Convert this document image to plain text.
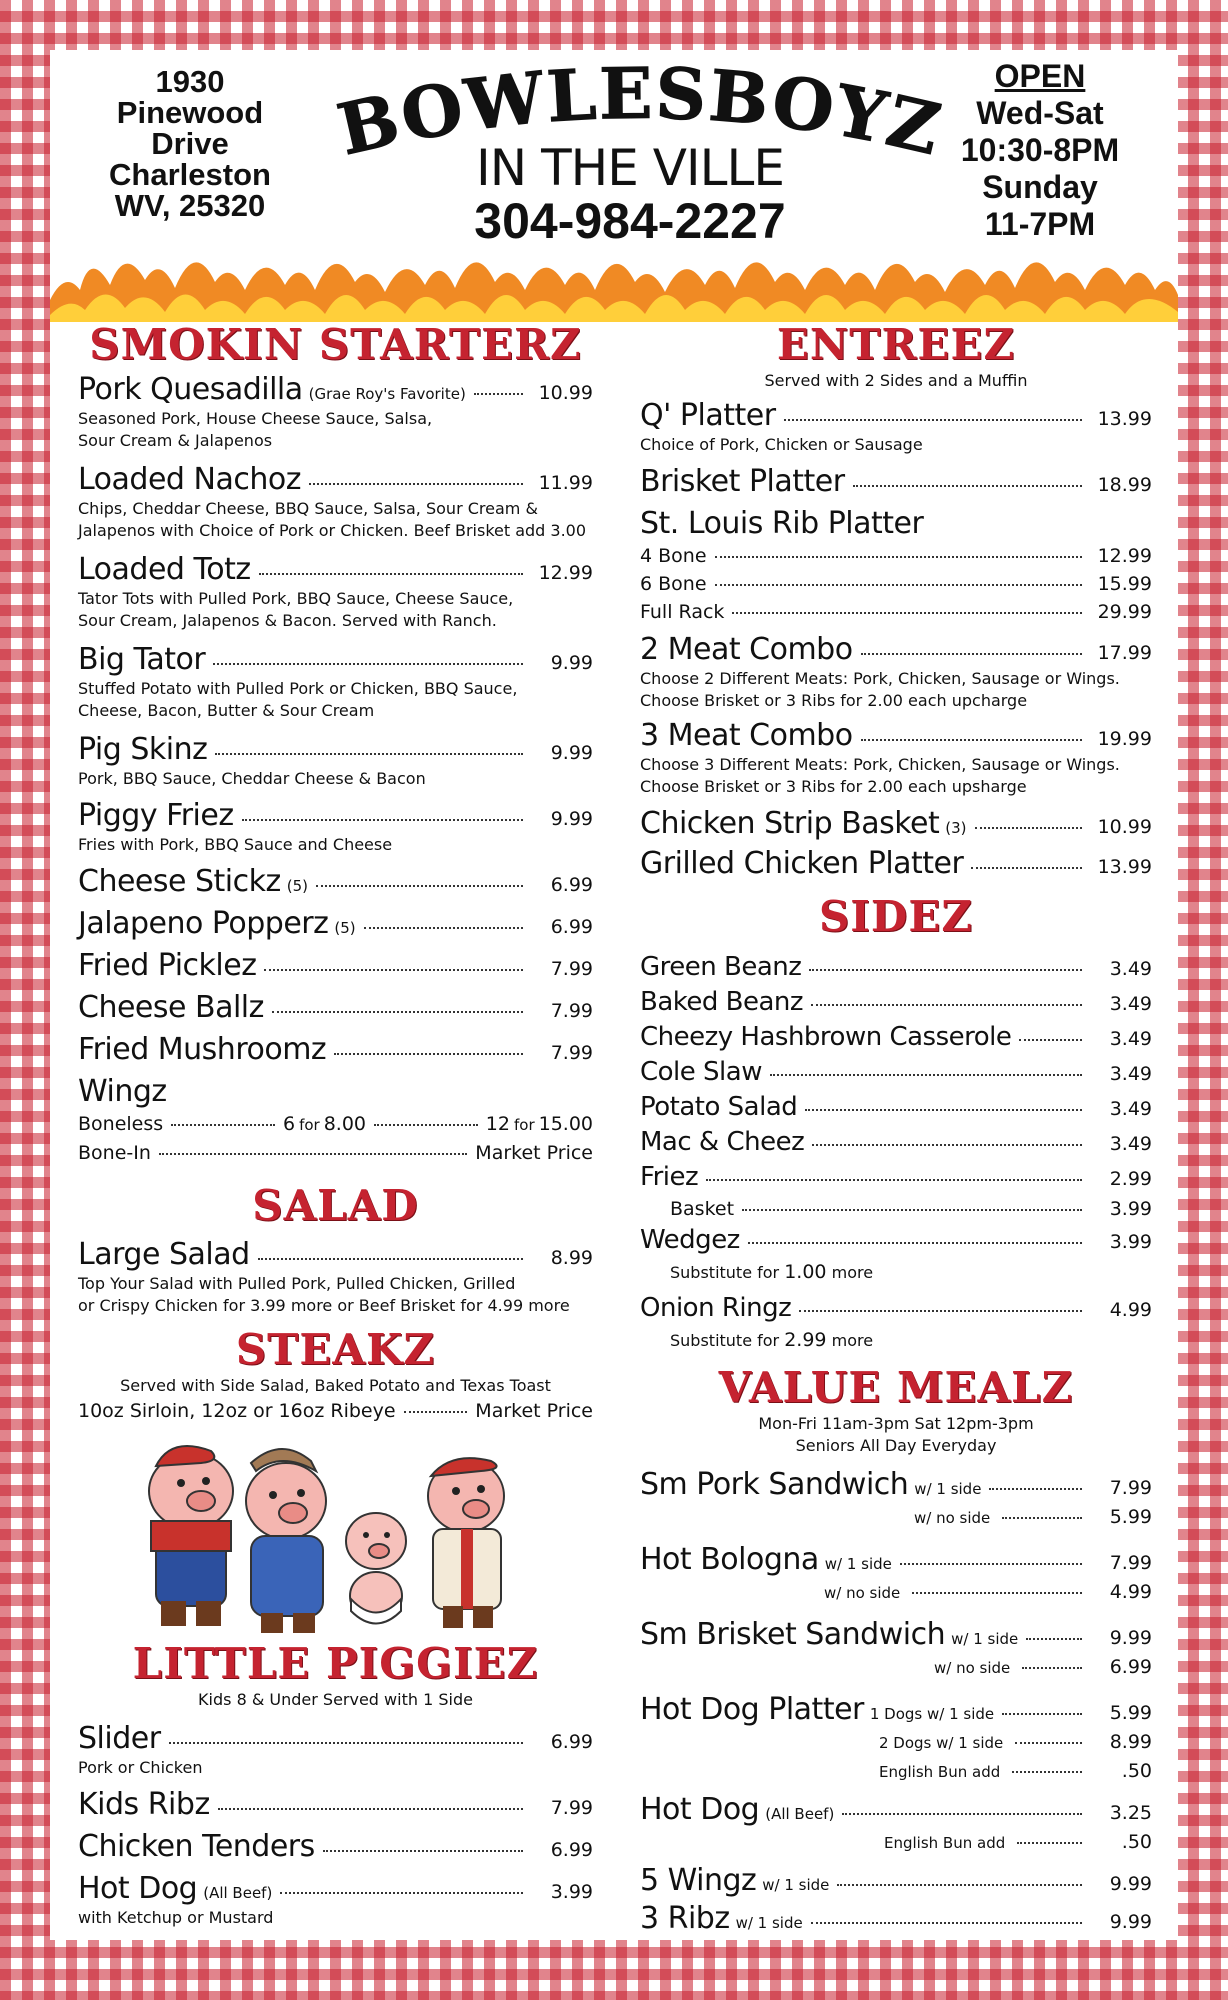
1930
Pinewood
Drive
Charleston
WV, 25320
BOWLESBOYZ
IN THE VILLE
304-984-2227
OPEN
Wed-Sat
10:30-8PM
Sunday
11-7PM
SMOKIN STARTERZ
Pork Quesadilla (Grae Roy's Favorite)	10.99
Seasoned Pork, House Cheese Sauce, Salsa,
Sour Cream & Jalapenos
Loaded Nachoz	11.99
Chips, Cheddar Cheese, BBQ Sauce, Salsa, Sour Cream &
Jalapenos with Choice of Pork or Chicken. Beef Brisket add 3.00
Loaded Totz	12.99
Tator Tots with Pulled Pork, BBQ Sauce, Cheese Sauce,
Sour Cream, Jalapenos & Bacon. Served with Ranch.
Big Tator	9.99
Stuffed Potato with Pulled Pork or Chicken, BBQ Sauce,
Cheese, Bacon, Butter & Sour Cream
Pig Skinz	9.99
Pork, BBQ Sauce, Cheddar Cheese & Bacon
Piggy Friez	9.99
Fries with Pork, BBQ Sauce and Cheese
Cheese Stickz (5)	6.99
Jalapeno Popperz (5)	6.99
Fried Picklez	7.99
Cheese Ballz	7.99
Fried Mushroomz	7.99
Wingz
Boneless	6 for 8.00	12 for 15.00
Bone-In	Market Price
SALAD
Large Salad	8.99
Top Your Salad with Pulled Pork, Pulled Chicken, Grilled
or Crispy Chicken for 3.99 more or Beef Brisket for 4.99 more
STEAKZ
Served with Side Salad, Baked Potato and Texas Toast
10oz Sirloin, 12oz or 16oz Ribeye	Market Price
LITTLE PIGGIEZ
Kids 8 & Under Served with 1 Side
Slider	6.99
Pork or Chicken
Kids Ribz	7.99
Chicken Tenders	6.99
Hot Dog (All Beef)	3.99
with Ketchup or Mustard
ENTREEZ
Served with 2 Sides and a Muffin
Q' Platter	13.99
Choice of Pork, Chicken or Sausage
Brisket Platter	18.99
St. Louis Rib Platter
4 Bone	12.99
6 Bone	15.99
Full Rack	29.99
2 Meat Combo	17.99
Choose 2 Different Meats: Pork, Chicken, Sausage or Wings.
Choose Brisket or 3 Ribs for 2.00 each upcharge
3 Meat Combo	19.99
Choose 3 Different Meats: Pork, Chicken, Sausage or Wings.
Choose Brisket or 3 Ribs for 2.00 each upsharge
Chicken Strip Basket (3)	10.99
Grilled Chicken Platter	13.99
SIDEZ
Green Beanz	3.49
Baked Beanz	3.49
Cheezy Hashbrown Casserole	3.49
Cole Slaw	3.49
Potato Salad	3.49
Mac & Cheez	3.49
Friez	2.99
Basket	3.99
Wedgez	3.99
Substitute for
1.00
more
Onion Ringz	4.99
Substitute for
2.99
more
VALUE MEALZ
Mon-Fri 11am-3pm Sat 12pm-3pm
Seniors All Day Everyday
Sm Pork Sandwich w/ 1 side	7.99
w/ no side	5.99
Hot Bologna w/ 1 side	7.99
w/ no side	4.99
Sm Brisket Sandwich w/ 1 side	9.99
w/ no side	6.99
Hot Dog Platter 1 Dogs w/ 1 side	5.99
2 Dogs w/ 1 side	8.99
English Bun add	.50
Hot Dog (All Beef)	3.25
English Bun add	.50
5 Wingz w/ 1 side	9.99
3 Ribz w/ 1 side	9.99
